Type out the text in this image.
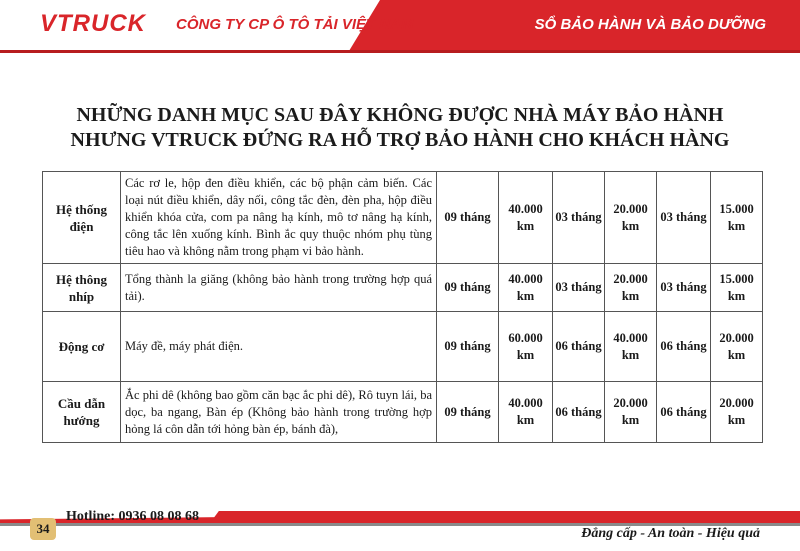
VTRUCK CÔNG TY CP Ô TÔ TẢI VIỆT NAM	SỔ BẢO HÀNH VÀ BẢO DƯỠNG
NHỮNG DANH MỤC SAU ĐÂY KHÔNG ĐƯỢC NHÀ MÁY BẢO HÀNH
NHƯNG VTRUCK ĐỨNG RA HỖ TRỢ BẢO HÀNH CHO KHÁCH HÀNG
Hệ thống điện	Các rơ le, hộp đen điều khiển, các bộ phận cảm biến. Các loại nút điều khiển, dây nối, công tắc đèn, đèn pha, hộp điều khiển khóa cửa, com pa nâng hạ kính, mô tơ nâng hạ kính, công tắc lên xuống kính. Bình ắc quy thuộc nhóm phụ tùng tiêu hao và không nằm trong phạm vi bảo hành.	09 tháng	40.000 km	03 tháng	20.000 km	03 tháng	15.000 km
Hệ thông nhíp	Tổng thành la giăng (không bảo hành trong trường hợp quá tải).	09 tháng	40.000 km	03 tháng	20.000 km	03 tháng	15.000 km
Động cơ	Máy đề, máy phát điện.	09 tháng	60.000 km	06 tháng	40.000 km	06 tháng	20.000 km
Cầu dẫn hướng	Ắc phi dê (không bao gồm căn bạc ắc phi dê), Rô tuyn lái, ba dọc, ba ngang, Bàn ép (Không bảo hành trong trường hợp hỏng lá côn dẫn tới hỏng bàn ép, bánh đà),	09 tháng	40.000 km	06 tháng	20.000 km	06 tháng	20.000 km
Hotline: 0936 08 08 68
34	Đẳng cấp - An toàn - Hiệu quả
